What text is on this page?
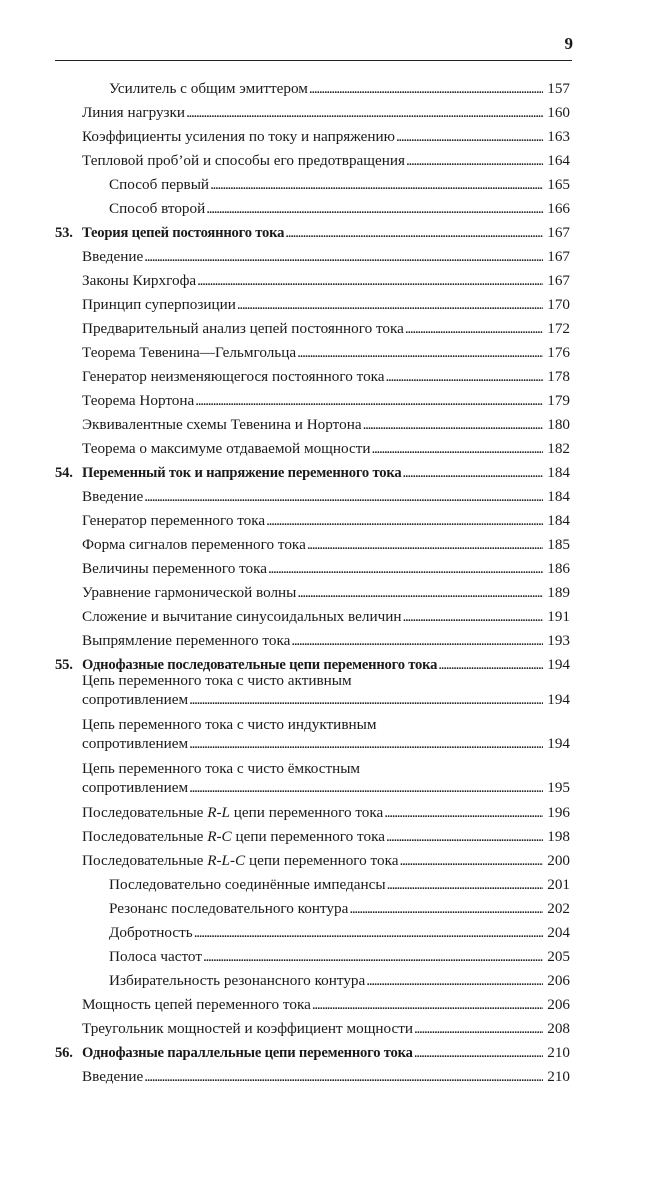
9
Усилитель с общим эмиттером . . .	157
Линия нагрузки . . .	160
Коэффициенты усиления по току и напряжению . . .	163
Тепловой проб’ой и способы его предотвращения . . .	164
Способ первый . . .	165
Способ второй . . .	166
53. Теория цепей постоянного тока . . .	167
Введение . . .	167
Законы Кирхгофа . . .	167
Принцип суперпозиции . . .	170
Предварительный анализ цепей постоянного тока . . .	172
Теорема Тевенина—Гельмгольца . . .	176
Генератор неизменяющегося постоянного тока . . .	178
Теорема Нортона . . .	179
Эквивалентные схемы Тевенина и Нортона . . .	180
Теорема о максимуме отдаваемой мощности . . .	182
54. Переменный ток и напряжение переменного тока . . .	184
Введение . . .	184
Генератор переменного тока . . .	184
Форма сигналов переменного тока . . .	185
Величины переменного тока . . .	186
Уравнение гармонической волны . . .	189
Сложение и вычитание синусоидальных величин . . .	191
Выпрямление переменного тока . . .	193
55. Однофазные последовательные цепи переменного тока . . .	194
Цепь переменного тока с чисто активным
сопротивлением . . .	194
Цепь переменного тока с чисто индуктивным
сопротивлением . . .	194
Цепь переменного тока с чисто ёмкостным
сопротивлением . . .	195
Последовательные R-L цепи переменного тока . . .	196
Последовательные R-C цепи переменного тока . . .	198
Последовательные R-L-C цепи переменного тока . . .	200
Последовательно соединённые импедансы . . .	201
Резонанс последовательного контура . . .	202
Добротность . . .	204
Полоса частот . . .	205
Избирательность резонансного контура . . .	206
Мощность цепей переменного тока . . .	206
Треугольник мощностей и коэффициент мощности . . .	208
56. Однофазные параллельные цепи переменного тока . . .	210
Введение . . .	210
